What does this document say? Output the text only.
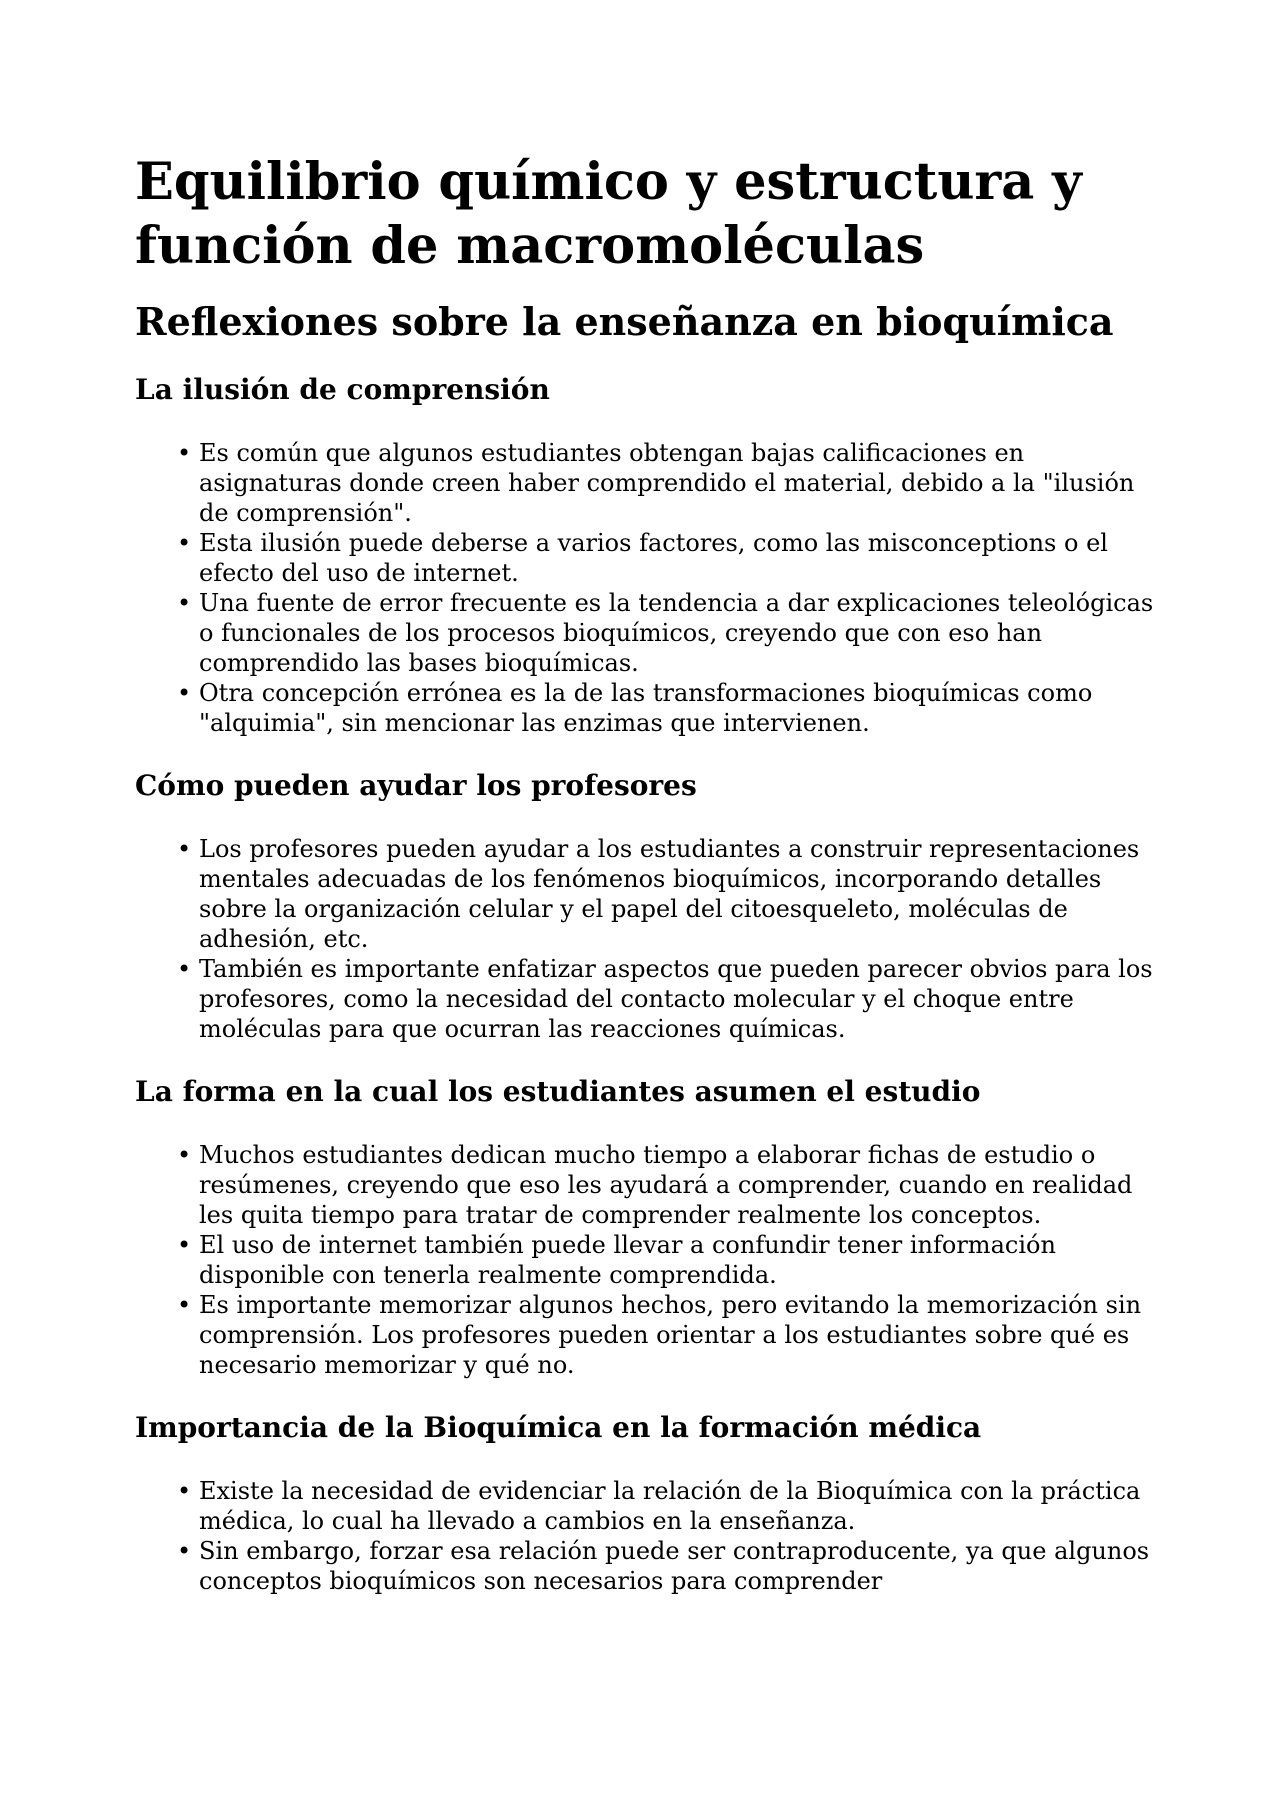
Equilibrio químico y estructura y función de macromoléculas
Reflexiones sobre la enseñanza en bioquímica
La ilusión de comprensión
• Es común que algunos estudiantes obtengan bajas calificaciones en asignaturas donde creen haber comprendido el material, debido a la "ilusión de comprensión".
• Esta ilusión puede deberse a varios factores, como las misconceptions o el efecto del uso de internet.
• Una fuente de error frecuente es la tendencia a dar explicaciones teleológicas o funcionales de los procesos bioquímicos, creyendo que con eso han comprendido las bases bioquímicas.
• Otra concepción errónea es la de las transformaciones bioquímicas como "alquimia", sin mencionar las enzimas que intervienen.
Cómo pueden ayudar los profesores
• Los profesores pueden ayudar a los estudiantes a construir representaciones mentales adecuadas de los fenómenos bioquímicos, incorporando detalles sobre la organización celular y el papel del citoesqueleto, moléculas de adhesión, etc.
• También es importante enfatizar aspectos que pueden parecer obvios para los profesores, como la necesidad del contacto molecular y el choque entre moléculas para que ocurran las reacciones químicas.
La forma en la cual los estudiantes asumen el estudio
• Muchos estudiantes dedican mucho tiempo a elaborar fichas de estudio o resúmenes, creyendo que eso les ayudará a comprender, cuando en realidad les quita tiempo para tratar de comprender realmente los conceptos.
• El uso de internet también puede llevar a confundir tener información disponible con tenerla realmente comprendida.
• Es importante memorizar algunos hechos, pero evitando la memorización sin comprensión. Los profesores pueden orientar a los estudiantes sobre qué es necesario memorizar y qué no.
Importancia de la Bioquímica en la formación médica
• Existe la necesidad de evidenciar la relación de la Bioquímica con la práctica médica, lo cual ha llevado a cambios en la enseñanza.
• Sin embargo, forzar esa relación puede ser contraproducente, ya que algunos conceptos bioquímicos son necesarios para comprender
